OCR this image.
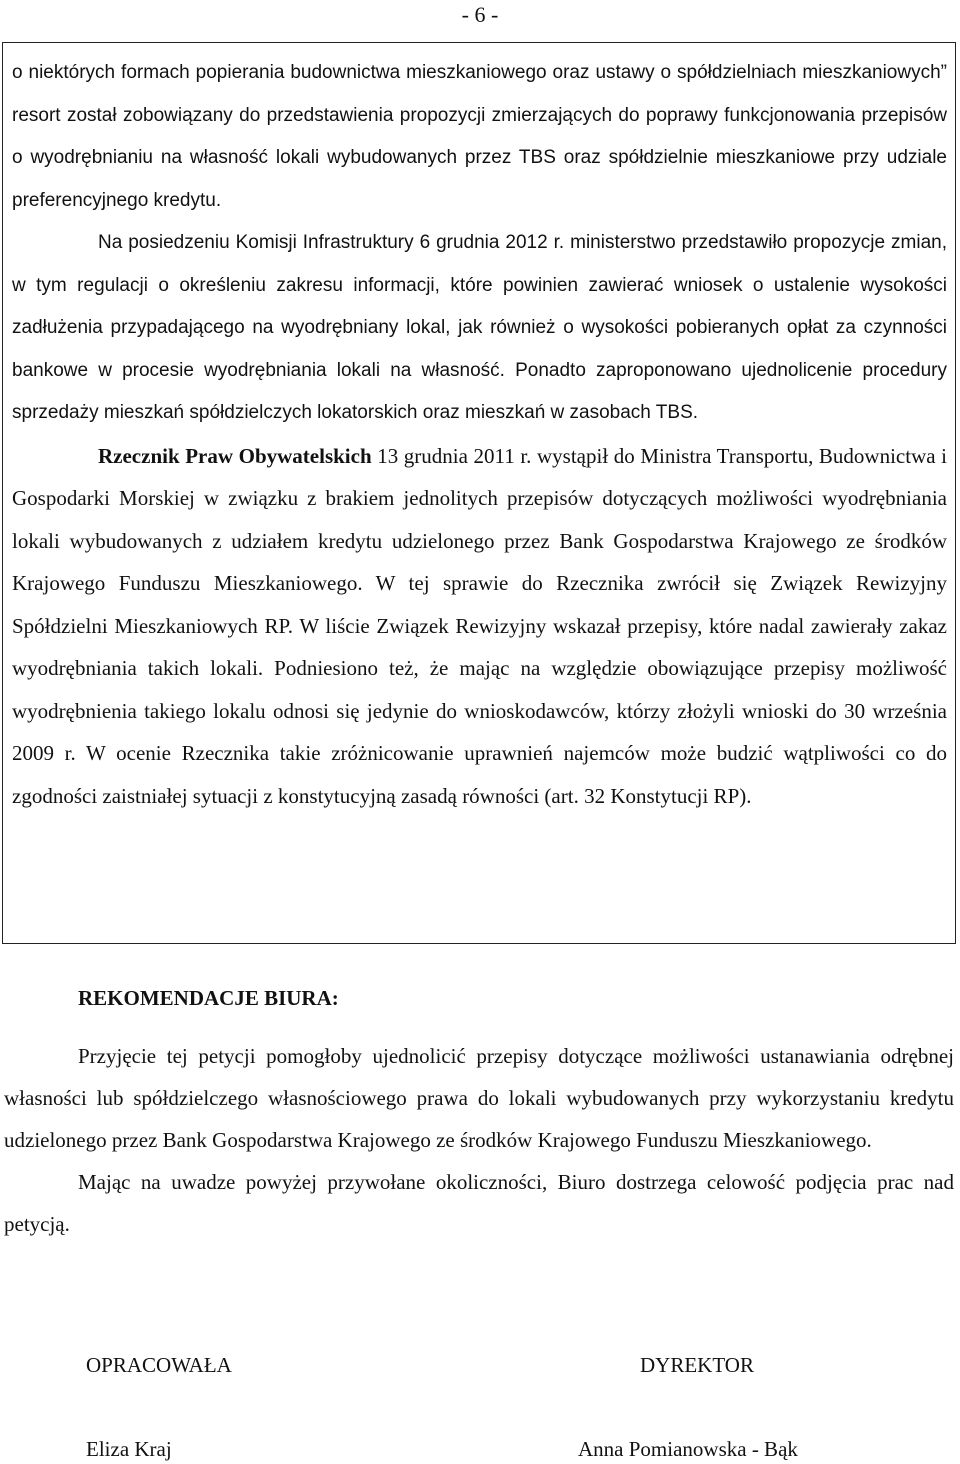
- 6 -

o niektórych formach popierania budownictwa mieszkaniowego oraz ustawy o spółdzielniach mieszkaniowych” resort został zobowiązany do przedstawienia propozycji zmierzających do poprawy funkcjonowania przepisów o wyodrębnianiu na własność lokali wybudowanych przez TBS oraz spółdzielnie mieszkaniowe przy udziale preferencyjnego kredytu.

Na posiedzeniu Komisji Infrastruktury 6 grudnia 2012 r. ministerstwo przedstawiło propozycje zmian, w tym regulacji o określeniu zakresu informacji, które powinien zawierać wniosek o ustalenie wysokości zadłużenia przypadającego na wyodrębniany lokal, jak również o wysokości pobieranych opłat za czynności bankowe w procesie wyodrębniania lokali na własność. Ponadto zaproponowano ujednolicenie procedury sprzedaży mieszkań spółdzielczych lokatorskich oraz mieszkań w zasobach TBS.

Rzecznik Praw Obywatelskich 13 grudnia 2011 r. wystąpił do Ministra Transportu, Budownictwa i Gospodarki Morskiej w związku z brakiem jednolitych przepisów dotyczących możliwości wyodrębniania lokali wybudowanych z udziałem kredytu udzielonego przez Bank Gospodarstwa Krajowego ze środków Krajowego Funduszu Mieszkaniowego. W tej sprawie do Rzecznika zwrócił się Związek Rewizyjny Spółdzielni Mieszkaniowych RP. W liście Związek Rewizyjny wskazał przepisy, które nadal zawierały zakaz wyodrębniania takich lokali. Podniesiono też, że mając na względzie obowiązujące przepisy możliwość wyodrębnienia takiego lokalu odnosi się jedynie do wnioskodawców, którzy złożyli wnioski do 30 września 2009 r. W ocenie Rzecznika takie zróżnicowanie uprawnień najemców może budzić wątpliwości co do zgodności zaistniałej sytuacji z konstytucyjną zasadą równości (art. 32 Konstytucji RP).

REKOMENDACJE BIURA:

Przyjęcie tej petycji pomogłoby ujednolicić przepisy dotyczące możliwości ustanawiania odrębnej własności lub spółdzielczego własnościowego prawa do lokali wybudowanych przy wykorzystaniu kredytu udzielonego przez Bank Gospodarstwa Krajowego ze środków Krajowego Funduszu Mieszkaniowego.

Mając na uwadze powyżej przywołane okoliczności, Biuro dostrzega celowość podjęcia prac nad petycją.

OPRACOWAŁA	DYREKTOR
Eliza Kraj	Anna Pomianowska - Bąk
